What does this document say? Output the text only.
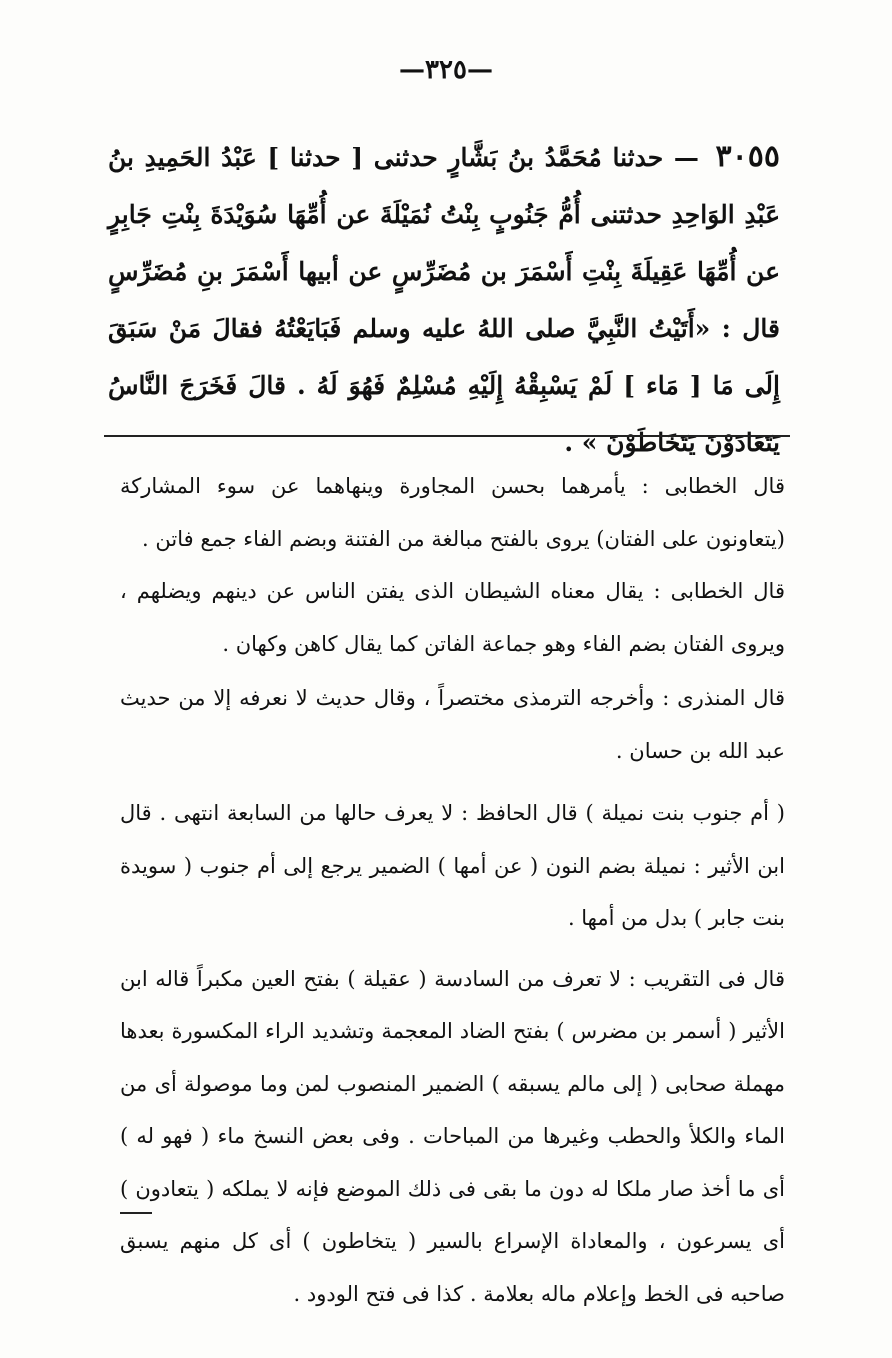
—٣٢٥—
٣٠٥٥ — حدثنا مُحَمَّدُ بنُ بَشَّارٍ حدثنى [ حدثنا ] عَبْدُ الحَمِيدِ بنُ عَبْدِ الوَاحِدِ حدثتنى أُمُّ جَنُوبٍ بِنْتُ نُمَيْلَةَ عن أُمِّهَا سُوَيْدَةَ بِنْتِ جَابِرٍ عن أُمِّهَا عَقِيلَةَ بِنْتِ أَسْمَرَ بن مُضَرِّسٍ عن أبيها أَسْمَرَ بنِ مُضَرِّسٍ قال : «أَتَيْتُ النَّبِيَّ صلى اللهُ عليه وسلم فَبَايَعْتُهُ فقالَ مَنْ سَبَقَ إِلَى مَا [ مَاء ] لَمْ يَسْبِقْهُ إِلَيْهِ مُسْلِمٌ فَهُوَ لَهُ . قالَ فَخَرَجَ النَّاسُ يَتَعَادَوْنَ يَتَخَاطَوْنَ » .

قال الخطابى : يأمرهما بحسن المجاورة وينهاهما عن سوء المشاركة (يتعاونون على الفتان) يروى بالفتح مبالغة من الفتنة وبضم الفاء جمع فاتن .

قال الخطابى : يقال معناه الشيطان الذى يفتن الناس عن دينهم ويضلهم ، ويروى الفتان بضم الفاء وهو جماعة الفاتن كما يقال كاهن وكهان .

قال المنذرى : وأخرجه الترمذى مختصراً ، وقال حديث لا نعرفه إلا من حديث عبد الله بن حسان .

( أم جنوب بنت نميلة ) قال الحافظ : لا يعرف حالها من السابعة انتهى . قال ابن الأثير : نميلة بضم النون ( عن أمها ) الضمير يرجع إلى أم جنوب ( سويدة بنت جابر ) بدل من أمها .

قال فى التقريب : لا تعرف من السادسة ( عقيلة ) بفتح العين مكبراً قاله ابن الأثير ( أسمر بن مضرس ) بفتح الضاد المعجمة وتشديد الراء المكسورة بعدها مهملة صحابى ( إلى مالم يسبقه ) الضمير المنصوب لمن وما موصولة أى من الماء والكلأ والحطب وغيرها من المباحات . وفى بعض النسخ ماء ( فهو له ) أى ما أخذ صار ملكا له دون ما بقى فى ذلك الموضع فإنه لا يملكه ( يتعادون ) أى يسرعون ، والمعاداة الإسراع بالسير ( يتخاطون ) أى كل منهم يسبق صاحبه فى الخط وإعلام ماله بعلامة . كذا فى فتح الودود .
